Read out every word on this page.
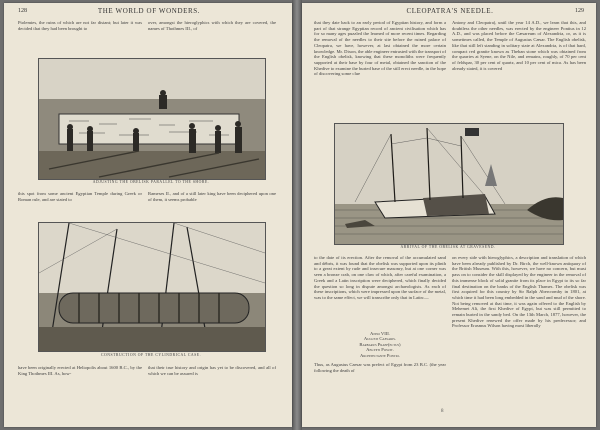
128	THE WORLD OF WONDERS.
Ptolemies, the ruins of which are not far distant; but later it was decided that they had been brought to
over, amongst the hieroglyphics with which they are covered, the names of Thothmes III., of
ADJUSTING THE OBELISK PARALLEL TO THE SHORE.
this spot from some ancient Egyptian Temple during Greek or Roman rule, and are stated to
Rameses II., and of a still later king have been deciphered upon one of them, it seems probable
CONSTRUCTION OF THE CYLINDRICAL CASE.
have been originally erected at Heliopolis about 1600 B.C., by the King Thothmes III. As, how-
that their true history and origin has yet to be discovered, and all of which we can be assured is
CLEOPATRA'S NEEDLE.	129
that they date back to an early period of Egyptian history, and form a part of that strange Egyptian record of ancient civilisation which has for so many ages puzzled the learned of more recent times. Regarding the removal of the needles to their site before the ruined palace of Cleopatra, we have, however, at last obtained the more certain knowledge. Mr. Dixon, the able engineer entrusted with the transport of the English obelisk, knowing that these monoliths were frequently supported at their base by four of metal, obtained the sanction of the Khedive to examine the buried base of the still erect needle, in the hope of discovering some clue
Antony and Cleopatra), until the year 14 A.D., we learn that this, and doubtless the other needles, was erected by the engineer Pontius in 12 A.D., and was placed before the Cæsareum of Alexandria, or, as it is sometimes called, the Temple of Augustus Cæsar. The English obelisk, like that still left standing in solitary state at Alexandria, is of that hard, compact red granite known as Theban stone which was obtained from the quarries at Syene, on the Nile, and remains, roughly, of 70 per cent of feldspar, 30 per cent of quartz, and 10 per cent of mica. As has been already stated, it is covered
ARRIVAL OF THE OBELISK AT GRAVESEND.
to the date of its erection. After the removal of the accumulated sand and débris, it was found that the obelisk was supported upon its plinth to a great extent by rude and insecure masonry, but at one corner was seen a bronze crab, on one claw of which, after careful examination, a Greek and a Latin inscription were deciphered, which finally decided the question so long in dispute amongst archaeologists. As each of these inscriptions, which were impressed upon the surface of the metal, was to the same effect, we will transcribe only that in Latin:—
Anno VIII.
Augusti Caesaris.
Barbarus Praef(ectus)
Aegypti Posuit.
Architectante Pontio.
Thus, as Augustus Caesar was prefect of Egypt from 23 B.C. (the year following the death of
on every side with hieroglyphics, a description and translation of which have been already published by Dr. Birch, the well-known antiquary of the British Museum. With this, however, we have no concern, but must pass on to consider the skill displayed by the engineer in the removal of this immense block of solid granite from its place in Egypt to its so far final destination on the banks of the English Thames. The obelisk was first acquired for this country by Sir Ralph Abercromby in 1801, at which time it had been long embedded in the sand and mud of the shore. Not being removed at that time, it was again offered to the English by Mehemet Ali, the first Khedive of Egypt, but was still permitted to remain buried in the sandy bed. On the 13th March, 1877, however, the present Khedive renewed the offer made by his predecessor; and Professor Erasmus Wilson having most liberally
8
